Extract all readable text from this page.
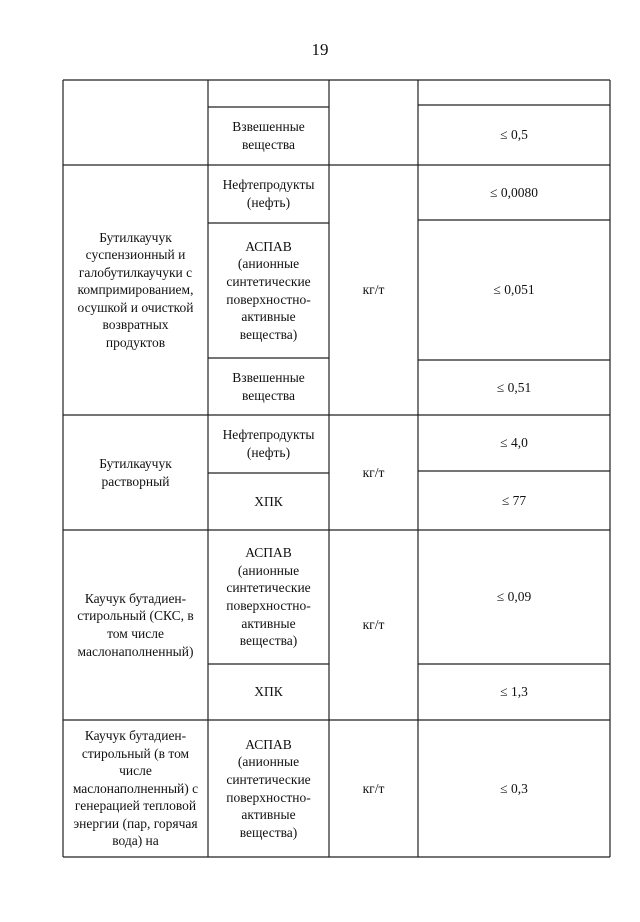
19
Взвешенные
вещества
≤ 0,5
Бутилкаучук
суспензионный и
галобутилкаучуки с
компримированием,
осушкой и очисткой
возвратных
продуктов
кг/т
Нефтепродукты
(нефть)
≤ 0,0080
АСПАВ
(анионные
синтетические
поверхностно-
активные
вещества)
≤ 0,051
Взвешенные
вещества
≤ 0,51
Бутилкаучук
растворный
кг/т
Нефтепродукты
(нефть)
≤ 4,0
ХПК	≤ 77
Каучук бутадиен-
стирольный (СКС, в
том числе
маслонаполненный)
кг/т
АСПАВ
(анионные
синтетические
поверхностно-
активные
вещества)
≤ 0,09
ХПК	≤ 1,3
Каучук бутадиен-
стирольный (в том
числе
маслонаполненный) с
генерацией тепловой
энергии (пар, горячая
вода) на
кг/т
АСПАВ
(анионные
синтетические
поверхностно-
активные
вещества)
≤ 0,3
